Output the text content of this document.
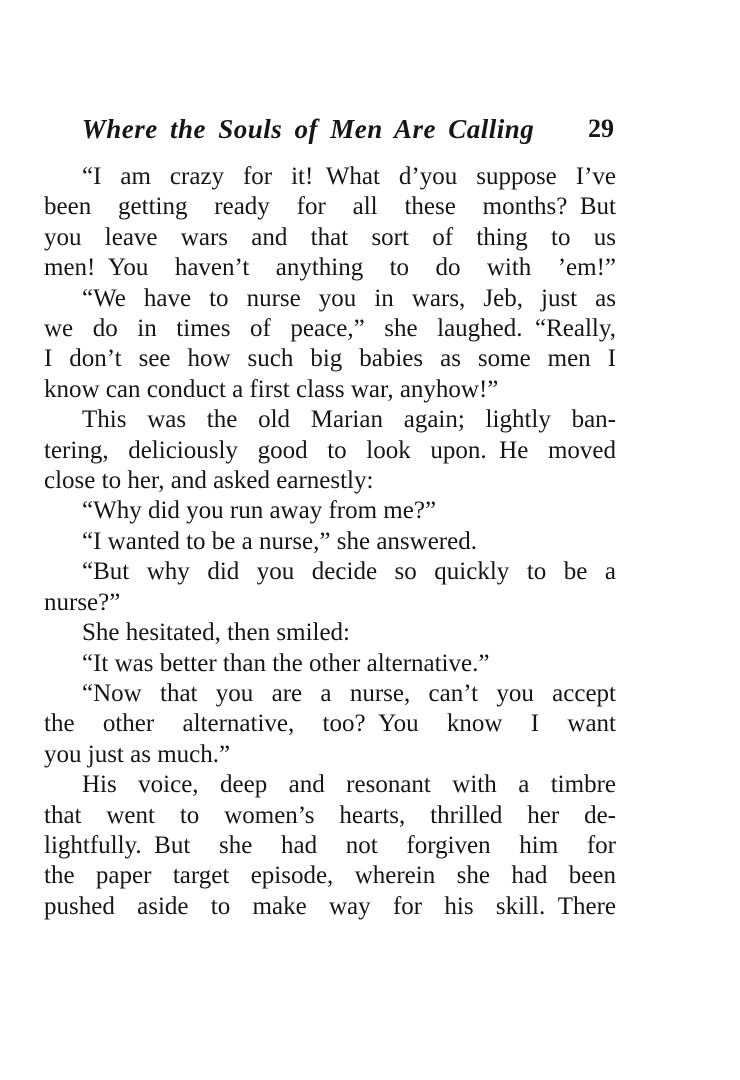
Where the Souls of Men Are Calling	29
“I am crazy for it! What d’you suppose I’ve
been getting ready for all these months? But
you leave wars and that sort of thing to us
men! You haven’t anything to do with ’em!”
“We have to nurse you in wars, Jeb, just as
we do in times of peace,” she laughed. “Really,
I don’t see how such big babies as some men I
know can conduct a first class war, anyhow!”
This was the old Marian again; lightly ban-
tering, deliciously good to look upon. He moved
close to her, and asked earnestly:
“Why did you run away from me?”
“I wanted to be a nurse,” she answered.
“But why did you decide so quickly to be a
nurse?”
She hesitated, then smiled:
“It was better than the other alternative.”
“Now that you are a nurse, can’t you accept
the other alternative, too? You know I want
you just as much.”
His voice, deep and resonant with a timbre
that went to women’s hearts, thrilled her de-
lightfully. But she had not forgiven him for
the paper target episode, wherein she had been
pushed aside to make way for his skill. There
